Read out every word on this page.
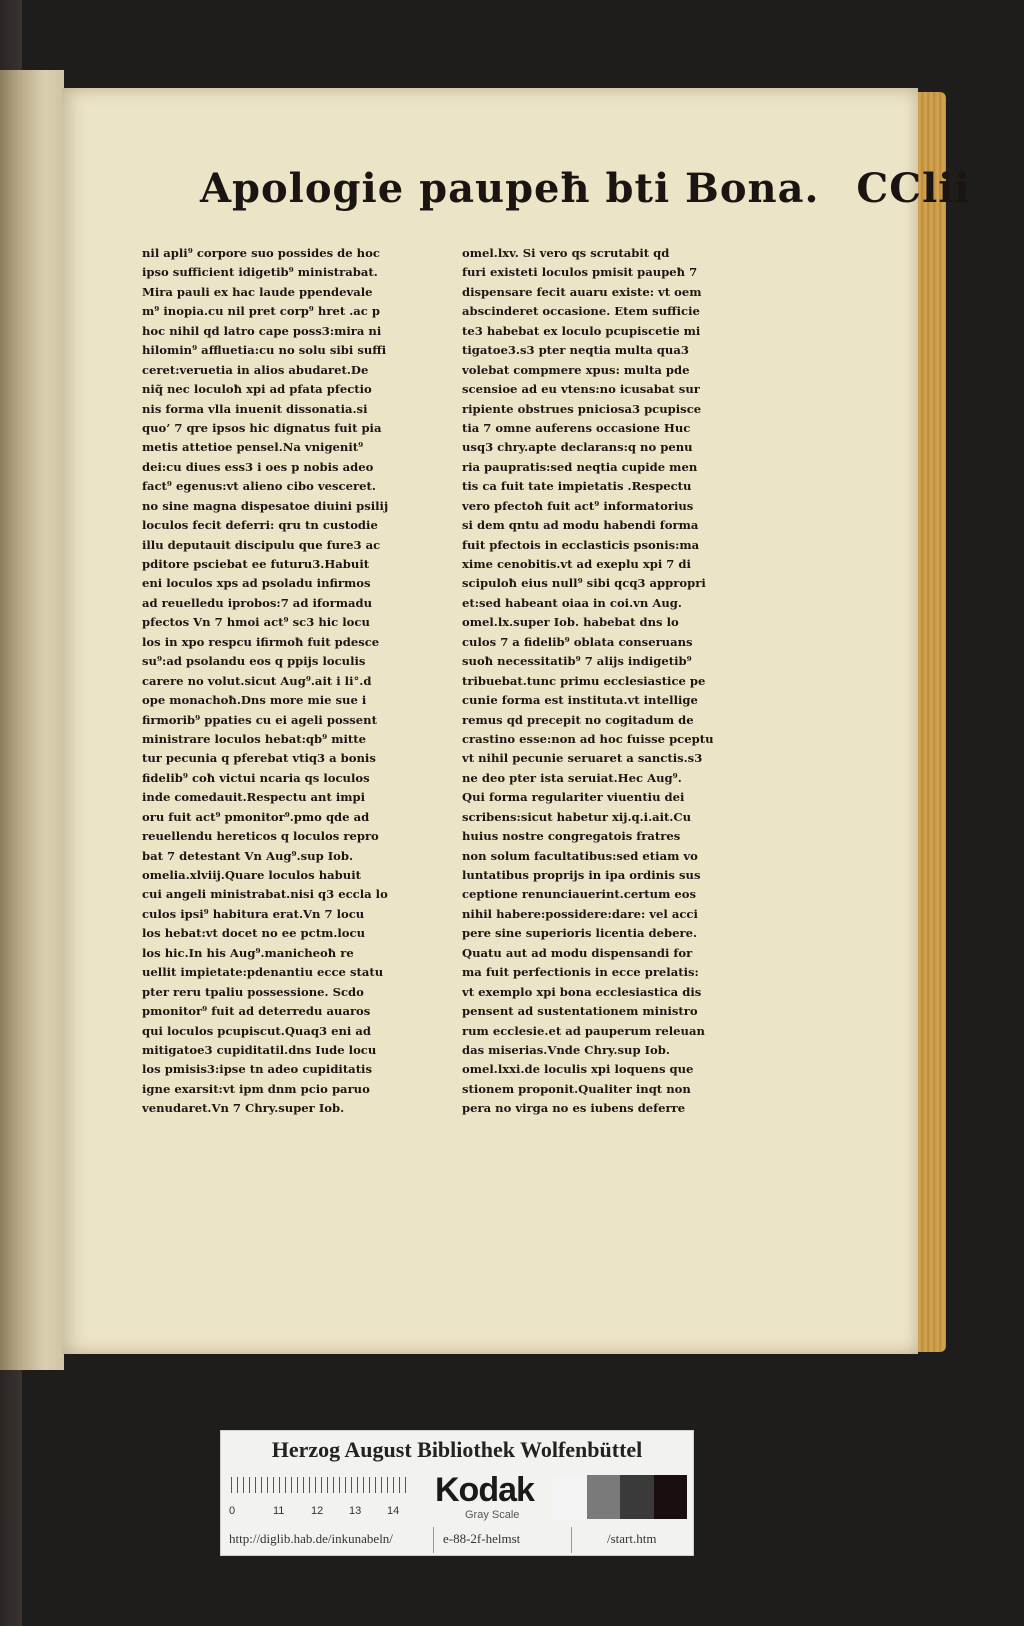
Apologie paupeħ bti Bona. CClii
nil apli⁹ corpore suo possides de hoc
ipso sufficient idigetib⁹ ministrabat.
Mira pauli ex hac laude ppendevale
m⁹ inopia.cu nil pret corp⁹ hret .ac p
hoc nihil qd latro cape poss3:mira ni
hilomin⁹ affluetia:cu no solu sibi suffi
ceret:veruetia in alios abudaret.De
niq̃ nec loculoħ xpi ad pfata pfectio
nis forma vlla inuenit dissonatia.si
quo’ 7 qre ipsos hic dignatus fuit pia
metis attetioe pensel.Na vnigenit⁹
dei:cu diues ess3 i oes p nobis adeo
fact⁹ egenus:vt alieno cibo vesceret.
no sine magna dispesatoe diuini psilij
loculos fecit deferri: qru tn custodie
illu deputauit discipulu que fure3 ac
pditore psciebat ee futuru3.Habuit
eni loculos xps ad psoladu infirmos
ad reuelledu iprobos:7 ad iformadu
pfectos Vn 7 hmoi act⁹ sc3 hic locu
los in xpo respcu ifirmoħ fuit pdesce
su⁹:ad psolandu eos q ppijs loculis
carere no volut.sicut Aug⁹.ait i li°.d
ope monachoħ.Dns more mie sue i
firmorib⁹ ppaties cu ei ageli possent
ministrare loculos hebat:qb⁹ mitte
tur pecunia q pferebat vtiq3 a bonis
fidelib⁹ coħ victui ncaria qs loculos
inde comedauit.Respectu ant impi
oru fuit act⁹ pmonitor⁹.pmo qde ad
reuellendu hereticos q loculos repro
bat 7 detestant Vn Aug⁹.sup Iob.
omelia.xlviij.Quare loculos habuit
cui angeli ministrabat.nisi q3 eccla lo
culos ipsi⁹ habitura erat.Vn 7 locu
los hebat:vt docet no ee pctm.locu
los hic.In his Aug⁹.manicheoħ re
uellit impietate:pdenantiu ecce statu
pter reru tpaliu possessione. Scdo
pmonitor⁹ fuit ad deterredu auaros
qui loculos pcupiscut.Quaq3 eni ad
mitigatoe3 cupiditatil.dns Iude locu
los pmisis3:ipse tn adeo cupiditatis
igne exarsit:vt ipm dnm pcio paruo
venudaret.Vn 7 Chry.super Iob.
omel.lxv. Si vero qs scrutabit qd
furi existeti loculos pmisit paupeħ 7
dispensare fecit auaru existe: vt oem
abscinderet occasione. Etem sufficie
te3 habebat ex loculo pcupiscetie mi
tigatoe3.s3 pter neqtia multa qua3
volebat compmere xpus: multa pde
scensioe ad eu vtens:no icusabat sur
ripiente obstrues pniciosa3 pcupisce
tia 7 omne auferens occasione Huc
usq3 chry.apte declarans:q no penu
ria paupratis:sed neqtia cupide men
tis ca fuit tate impietatis .Respectu
vero pfectoħ fuit act⁹ informatorius
si dem qntu ad modu habendi forma
fuit pfectois in ecclasticis psonis:ma
xime cenobitis.vt ad exeplu xpi 7 di
scipuloħ eius null⁹ sibi qcq3 appropri
et:sed habeant oiaa in coi.vn Aug.
omel.lx.super Iob. habebat dns lo
culos 7 a fidelib⁹ oblata conseruans
suoħ necessitatib⁹ 7 alijs indigetib⁹
tribuebat.tunc primu ecclesiastice pe
cunie forma est instituta.vt intellige
remus qd precepit no cogitadum de
crastino esse:non ad hoc fuisse pceptu
vt nihil pecunie seruaret a sanctis.s3
ne deo pter ista seruiat.Hec Aug⁹.
Qui forma regulariter viuentiu dei
scribens:sicut habetur xij.q.i.ait.Cu
huius nostre congregatois fratres
non solum facultatibus:sed etiam vo
luntatibus proprijs in ipa ordinis sus
ceptione renunciauerint.certum eos
nihil habere:possidere:dare: vel acci
pere sine superioris licentia debere.
Quatu aut ad modu dispensandi for
ma fuit perfectionis in ecce prelatis:
vt exemplo xpi bona ecclesiastica dis
pensent ad sustentationem ministro
rum ecclesie.et ad pauperum releuan
das miserias.Vnde Chry.sup Iob.
omel.lxxi.de loculis xpi loquens que
stionem proponit.Qualiter inqt non
pera no virga no es iubens deferre
Herzog August Bibliothek Wolfenbüttel
0	11 12 13 14
Kodak
Gray Scale
http://diglib.hab.de/inkunabeln/	e-88-2f-helmst	/start.htm
